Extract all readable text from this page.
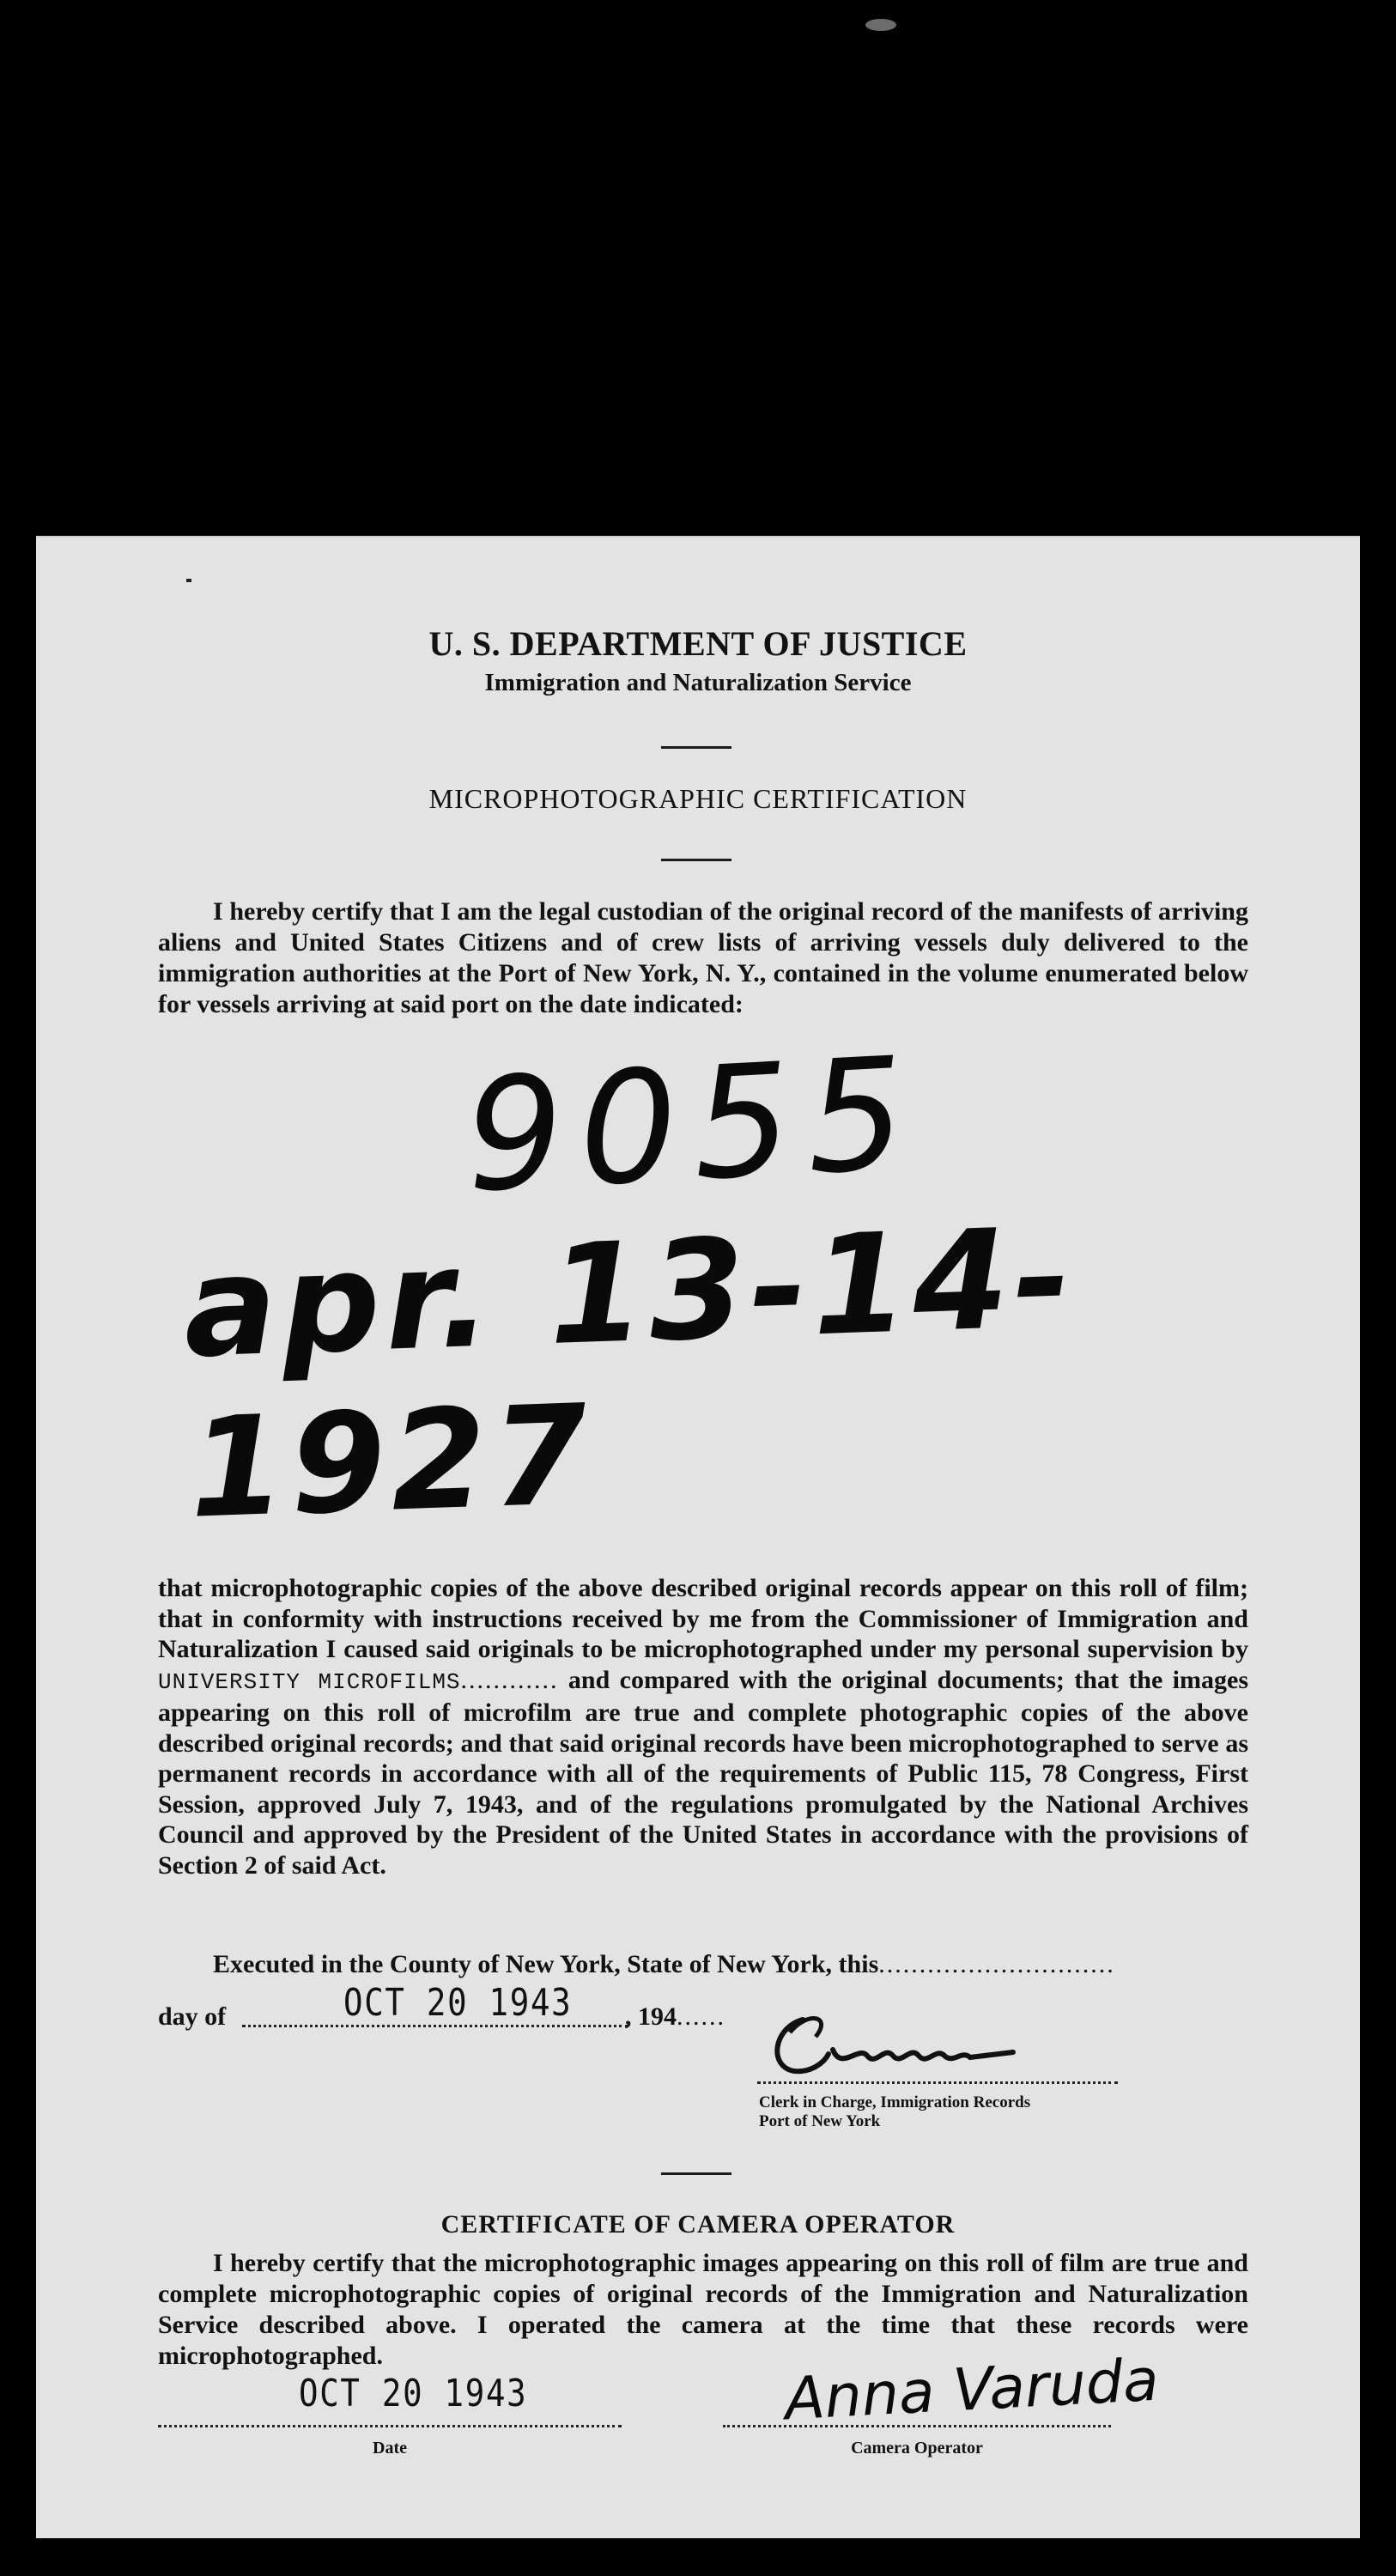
U. S. DEPARTMENT OF JUSTICE
Immigration and Naturalization Service
MICROPHOTOGRAPHIC CERTIFICATION

I hereby certify that I am the legal custodian of the original record of the manifests of arriving aliens and United States Citizens and of crew lists of arriving vessels duly delivered to the immigration authorities at the Port of New York, N. Y., contained in the volume enumerated below for vessels arriving at said port on the date indicated:

9055
apr. 13-14-1927

that microphotographic copies of the above described original records appear on this roll of film; that in conformity with instructions received by me from the Commissioner of Immigration and Naturalization I caused said originals to be microphotographed under my personal supervision by UNIVERSITY MICROFILMS............ and compared with the original documents; that the images appearing on this roll of microfilm are true and complete photographic copies of the above described original records; and that said original records have been microphotographed to serve as permanent records in accordance with all of the requirements of Public 115, 78 Congress, First Session, approved July 7, 1943, and of the regulations promulgated by the National Archives Council and approved by the President of the United States in accordance with the provisions of Section 2 of said Act.

Executed in the County of New York, State of New York, this.............................
day of	OCT 20 1943 , 194......
Clerk in Charge, Immigration Records
Port of New York
CERTIFICATE OF CAMERA OPERATOR

I hereby certify that the microphotographic images appearing on this roll of film are true and complete microphotographic copies of original records of the Immigration and Naturalization Service described above. I operated the camera at the time that these records were microphotographed.

OCT 20 1943
Date
Anna Varuda
Camera Operator
